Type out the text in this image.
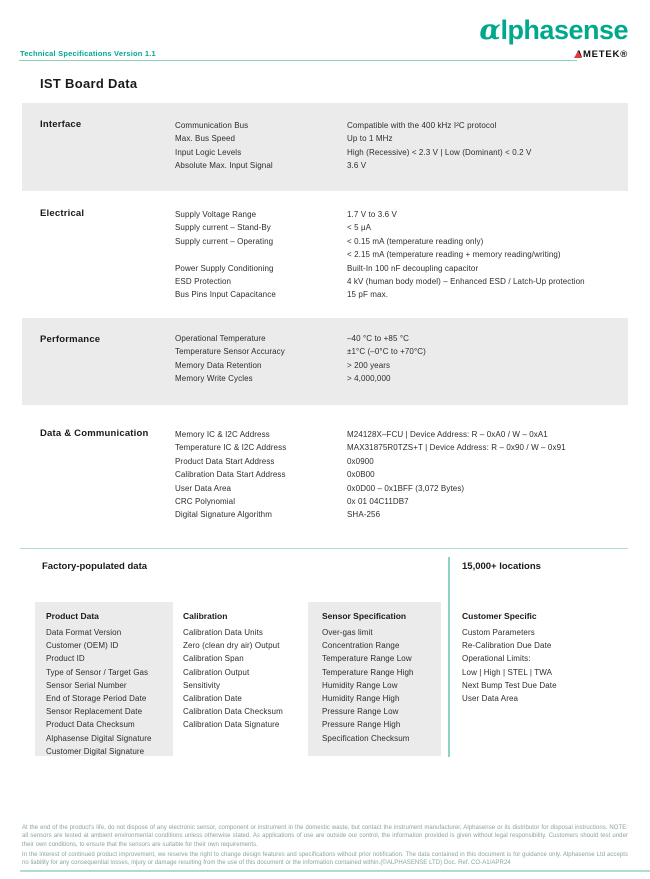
αlphasense
AMETEK®
Technical Specifications Version 1.1
IST Board Data
Interface	Communication Bus	Compatible with the 400 kHz I²C protocol
Max. Bus Speed	Up to 1 MHz
Input Logic Levels	High (Recessive) < 2.3 V | Low (Dominant) < 0.2 V
Absolute Max. Input Signal	3.6 V
Electrical	Supply Voltage Range	1.7 V to 3.6 V
Supply current – Stand-By	< 5 μA
Supply current – Operating	< 0.15 mA (temperature reading only)
< 2.15 mA (temperature reading + memory reading/writing)
Power Supply Conditioning	Built-In 100 nF decoupling capacitor
ESD Protection	4 kV (human body model) – Enhanced ESD / Latch-Up protection
Bus Pins Input Capacitance	15 pF max.
Performance	Operational Temperature	–40 °C to +85 °C
Temperature Sensor Accuracy	±1°C (–0°C to +70°C)
Memory Data Retention	> 200 years
Memory Write Cycles	> 4,000,000
Data & Communication	Memory IC & I2C Address	M24128X–FCU | Device Address: R – 0xA0 / W – 0xA1
Temperature IC & I2C Address	MAX31875R0TZS+T | Device Address: R – 0x90 / W – 0x91
Product Data Start Address	0x0900
Calibration Data Start Address	0x0B00
User Data Area	0x0D00 – 0x1BFF (3,072 Bytes)
CRC Polynomial	0x 01 04C11DB7
Digital Signature Algorithm	SHA-256
Factory-populated data	15,000+ locations
Product Data
Data Format Version
Customer (OEM) ID
Product ID
Type of Sensor / Target Gas
Sensor Serial Number
End of Storage Period Date
Sensor Replacement Date
Product Data Checksum
Alphasense Digital Signature
Customer Digital Signature
Calibration
Calibration Data Units
Zero (clean dry air) Output
Calibration Span
Calibration Output
Sensitivity
Calibration Date
Calibration Data Checksum
Calibration Data Signature
Sensor Specification
Over-gas limit
Concentration Range
Temperature Range Low
Temperature Range High
Humidity Range Low
Humidity Range High
Pressure Range Low
Pressure Range High
Specification Checksum
Customer Specific
Custom Parameters
Re-Calibration Due Date
Operational Limits:
Low | High | STEL | TWA
Next Bump Test Due Date
User Data Area
At the end of the product's life, do not dispose of any electronic sensor, component or instrument in the domestic waste, but contact the instrument manufacturer, Alphasense or its distributor for disposal instructions. NOTE: all sensors are tested at ambient environmental conditions unless otherwise stated. As applications of use are outside our control, the information provided is given without legal responsibility. Customers should test under their own conditions, to ensure that the sensors are suitable for their own requirements.
In the interest of continued product improvement, we reserve the right to change design features and specifications without prior notification. The data contained in this document is for guidance only. Alphasense Ltd accepts no liability for any consequential losses, injury or damage resulting from the use of this document or the information contained within.(©ALPHASENSE LTD) Doc. Ref. CO-A1/APR24
